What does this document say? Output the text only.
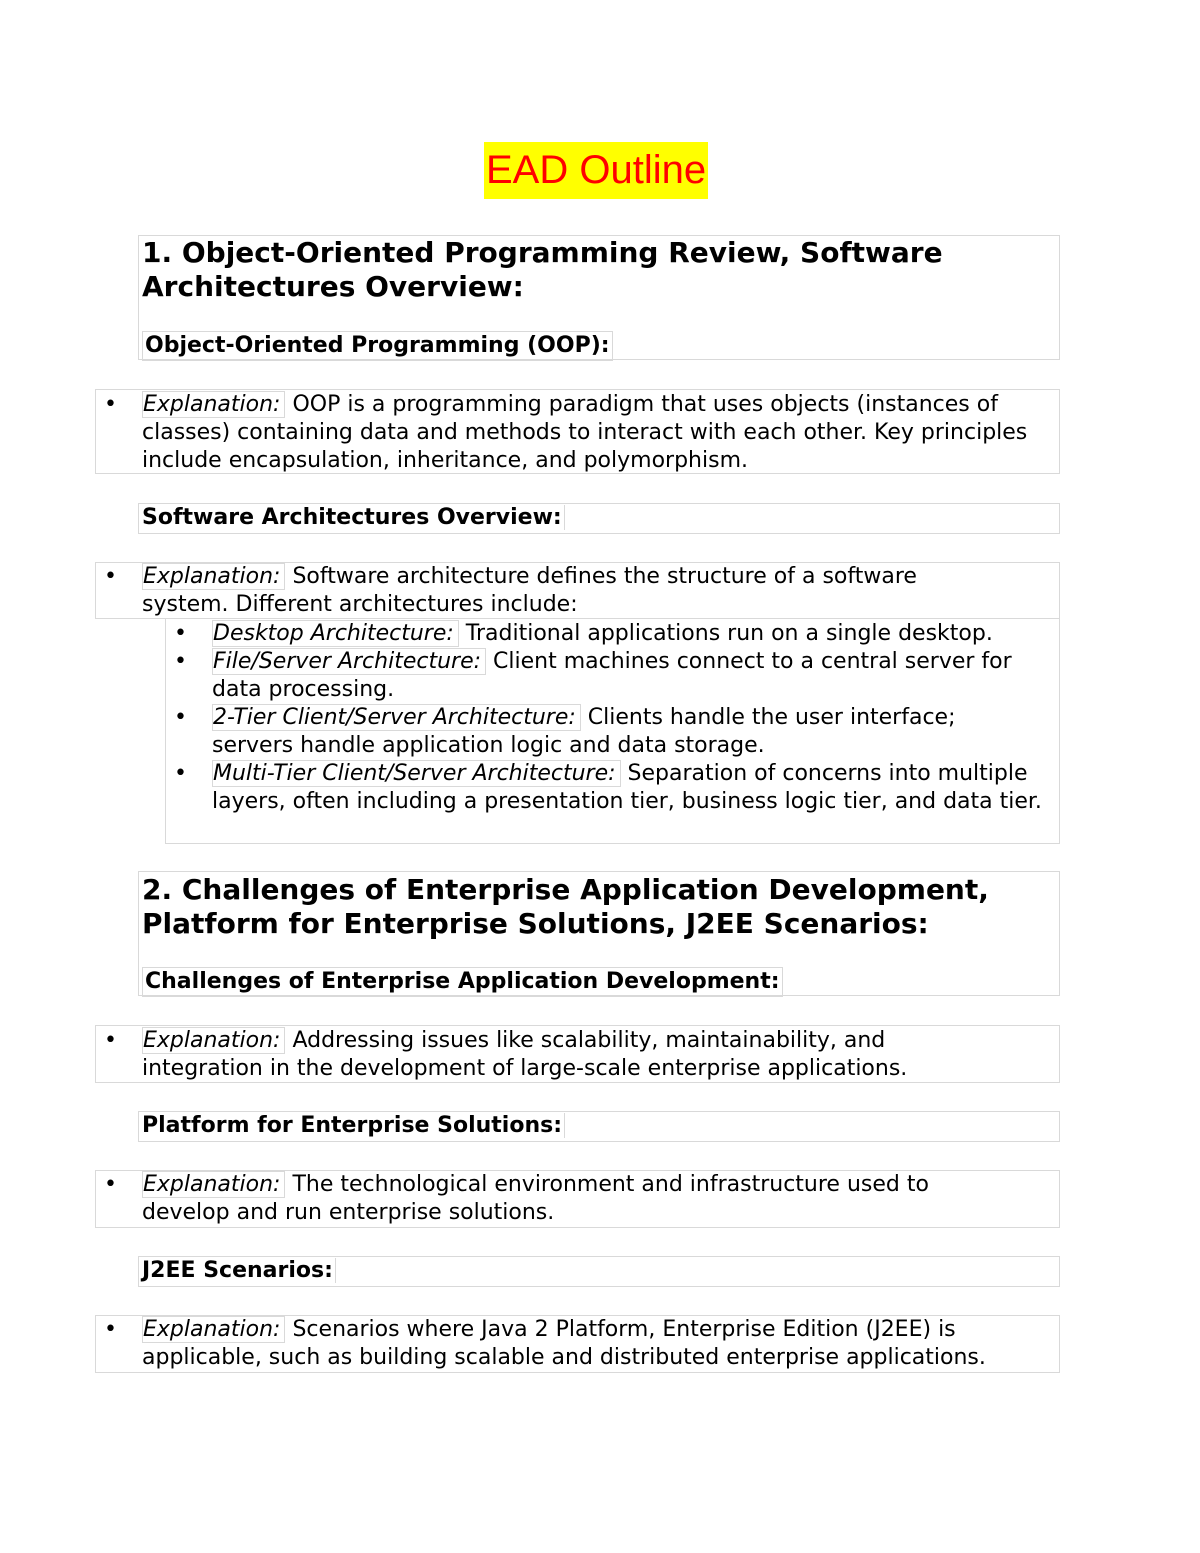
EAD Outline
1. Object-Oriented Programming Review, Software
Architectures Overview:
Object-Oriented Programming (OOP):
• Explanation: OOP is a programming paradigm that uses objects (instances of classes) containing data and methods to interact with each other. Key principles include encapsulation, inheritance, and polymorphism.
Software Architectures Overview:
• Explanation: Software architecture defines the structure of a software system. Different architectures include:
• Desktop Architecture: Traditional applications run on a single desktop.
• File/Server Architecture: Client machines connect to a central server for data processing.
• 2-Tier Client/Server Architecture: Clients handle the user interface; servers handle application logic and data storage.
• Multi-Tier Client/Server Architecture: Separation of concerns into multiple layers, often including a presentation tier, business logic tier, and data tier.
2. Challenges of Enterprise Application Development,
Platform for Enterprise Solutions, J2EE Scenarios:
Challenges of Enterprise Application Development:
• Explanation: Addressing issues like scalability, maintainability, and integration in the development of large-scale enterprise applications.
Platform for Enterprise Solutions:
• Explanation: The technological environment and infrastructure used to develop and run enterprise solutions.
J2EE Scenarios:
• Explanation: Scenarios where Java 2 Platform, Enterprise Edition (J2EE) is applicable, such as building scalable and distributed enterprise applications.
